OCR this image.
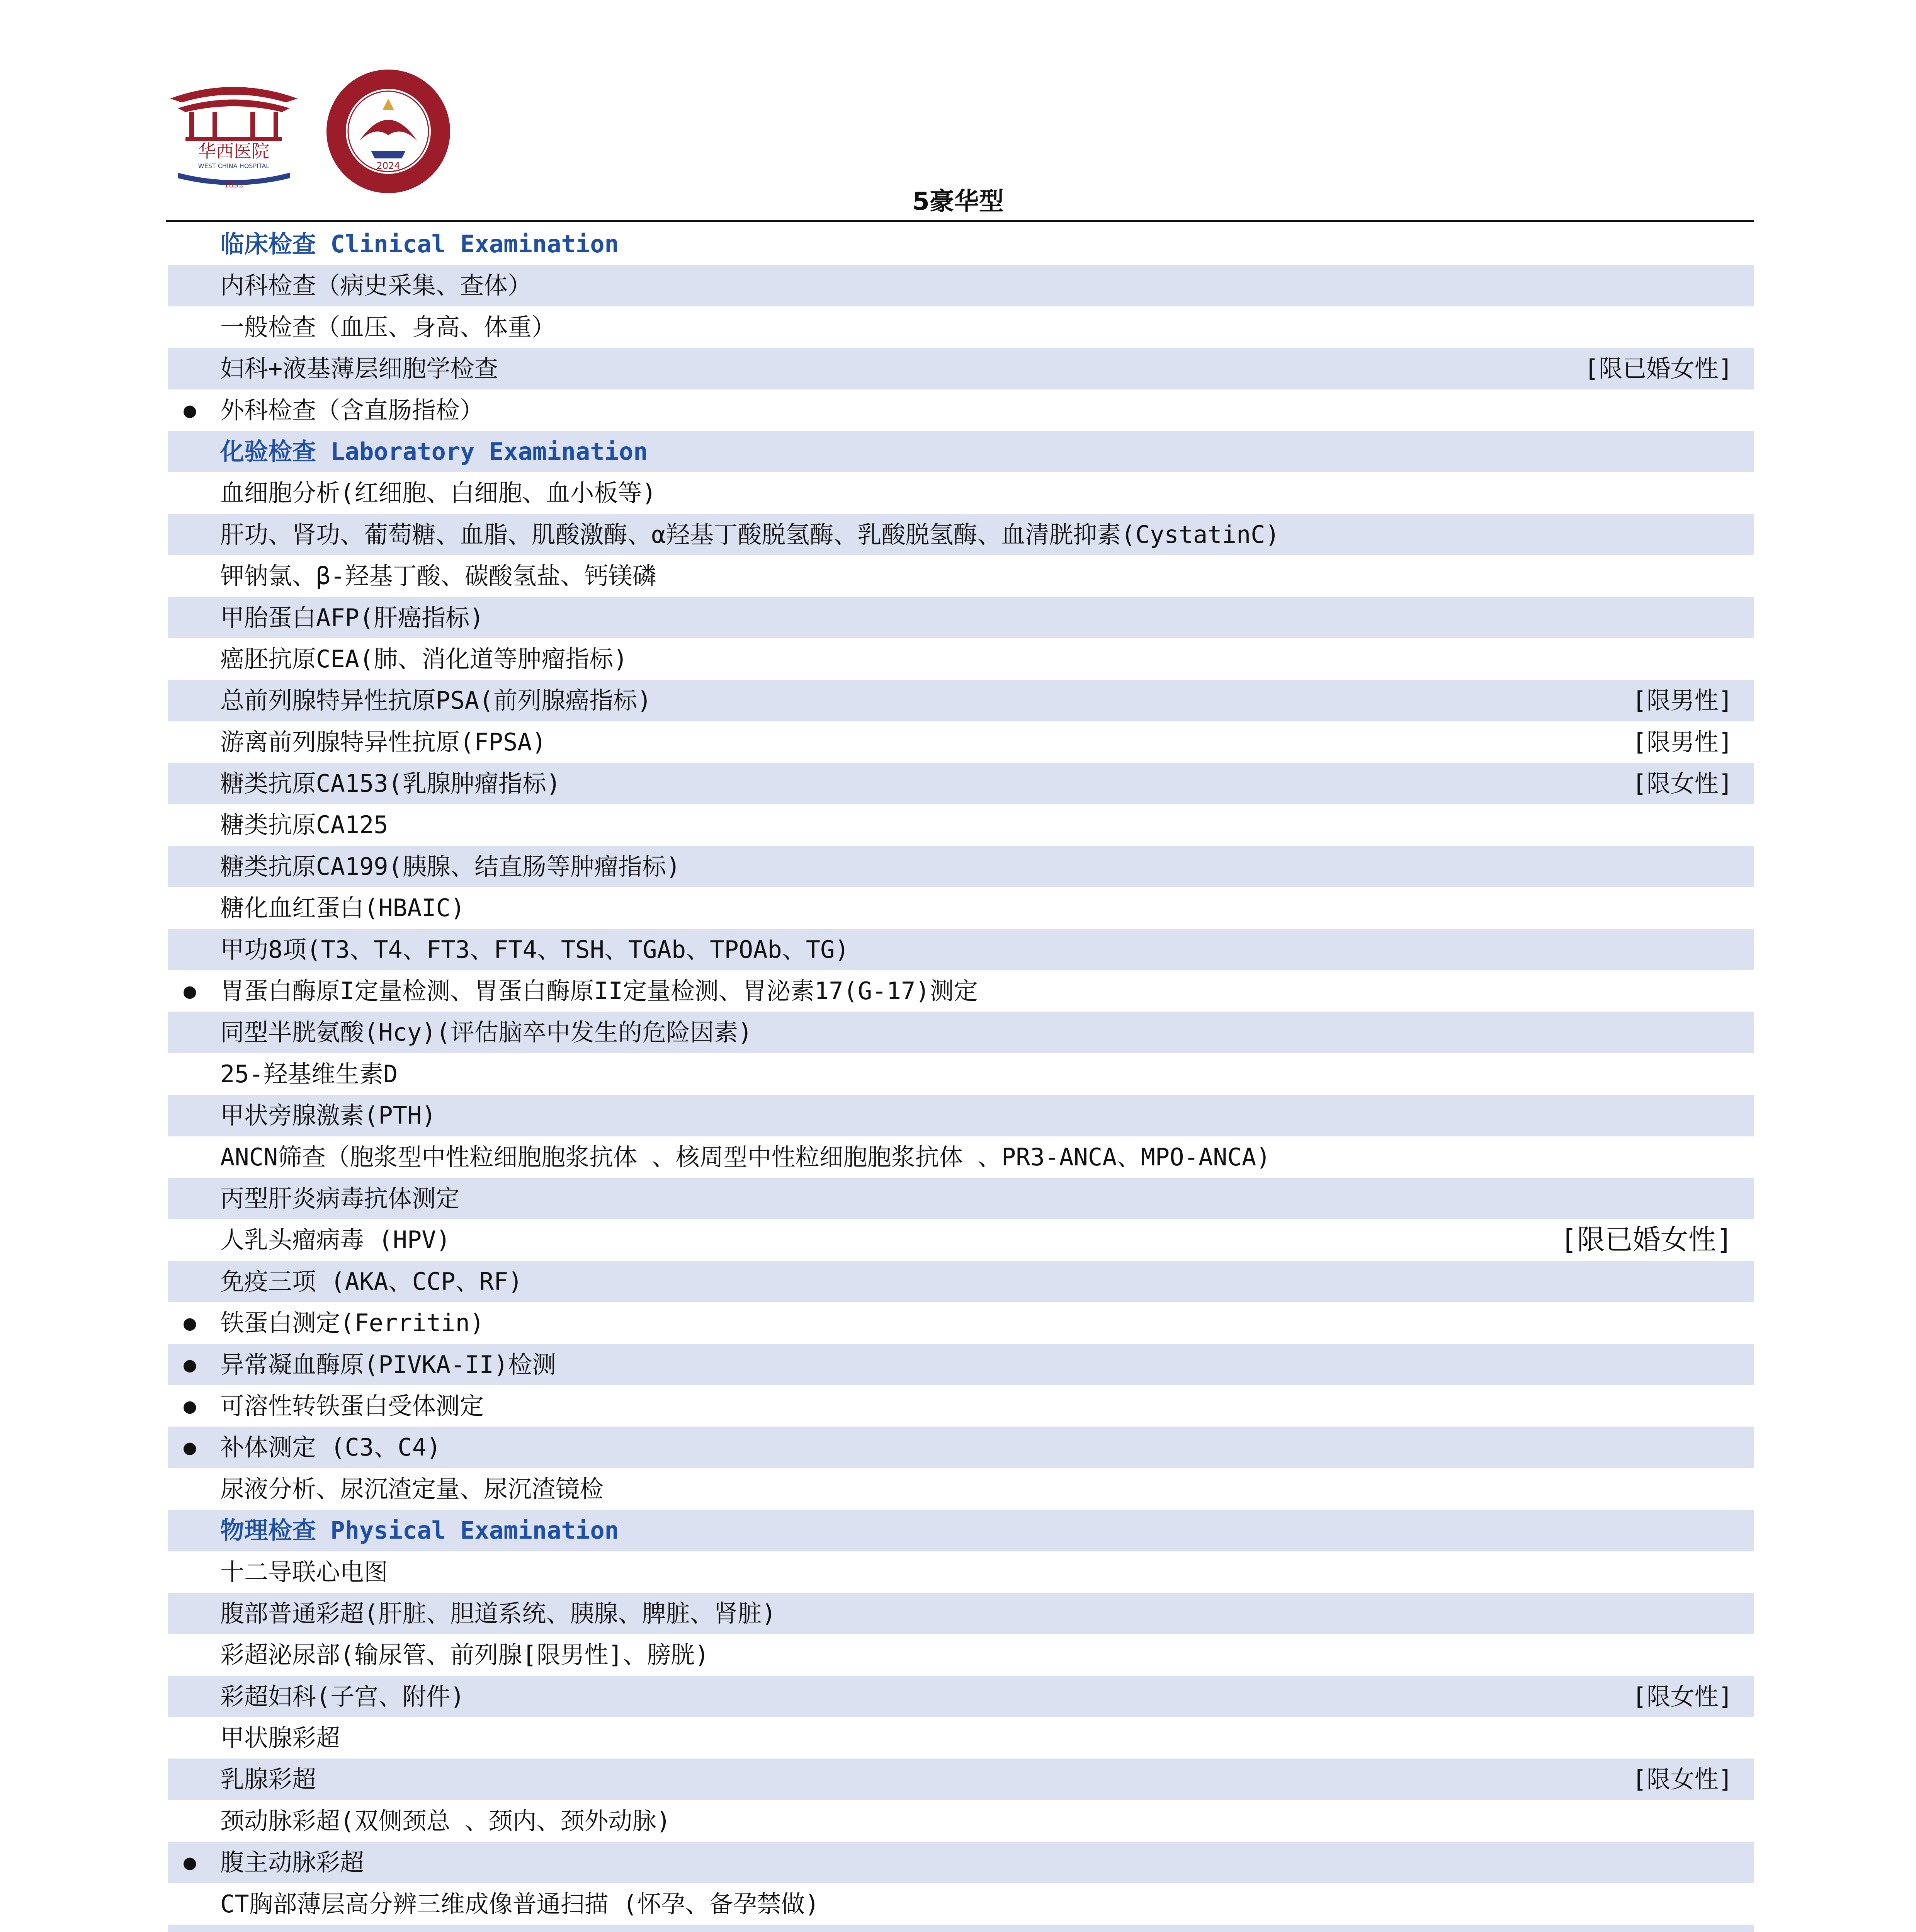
华西医院
WEST CHINA HOSPITAL
1892
2024
5豪华型
临床检查 Clinical Examination
内科检查（病史采集、查体）
一般检查（血压、身高、体重）
妇科+液基薄层细胞学检查	[限已婚女性]
● 外科检查（含直肠指检）
化验检查 Laboratory Examination
血细胞分析(红细胞、白细胞、血小板等)
肝功、肾功、葡萄糖、血脂、肌酸激酶、α羟基丁酸脱氢酶、乳酸脱氢酶、血清胱抑素(CystatinC)
钾钠氯、β-羟基丁酸、碳酸氢盐、钙镁磷
甲胎蛋白AFP(肝癌指标)
癌胚抗原CEA(肺、消化道等肿瘤指标)
总前列腺特异性抗原PSA(前列腺癌指标)	[限男性]
游离前列腺特异性抗原(FPSA)	[限男性]
糖类抗原CA153(乳腺肿瘤指标)	[限女性]
糖类抗原CA125
糖类抗原CA199(胰腺、结直肠等肿瘤指标)
糖化血红蛋白(HBAIC)
甲功8项(T3、T4、FT3、FT4、TSH、TGAb、TPOAb、TG)
● 胃蛋白酶原I定量检测、胃蛋白酶原II定量检测、胃泌素17(G-17)测定
同型半胱氨酸(Hcy)(评估脑卒中发生的危险因素)
25-羟基维生素D
甲状旁腺激素(PTH)
ANCN筛查（胞浆型中性粒细胞胞浆抗体 、核周型中性粒细胞胞浆抗体 、PR3-ANCA、MPO-ANCA)
丙型肝炎病毒抗体测定
人乳头瘤病毒 (HPV)	[限已婚女性]
免疫三项 (AKA、CCP、RF)
● 铁蛋白测定(Ferritin)
● 异常凝血酶原(PIVKA-II)检测
● 可溶性转铁蛋白受体测定
● 补体测定 (C3、C4)
尿液分析、尿沉渣定量、尿沉渣镜检
物理检查 Physical Examination
十二导联心电图
腹部普通彩超(肝脏、胆道系统、胰腺、脾脏、肾脏)
彩超泌尿部(输尿管、前列腺[限男性]、膀胱)
彩超妇科(子宫、附件)	[限女性]
甲状腺彩超
乳腺彩超	[限女性]
颈动脉彩超(双侧颈总 、颈内、颈外动脉)
● 腹主动脉彩超
CT胸部薄层高分辨三维成像普通扫描 (怀孕、备孕禁做)
